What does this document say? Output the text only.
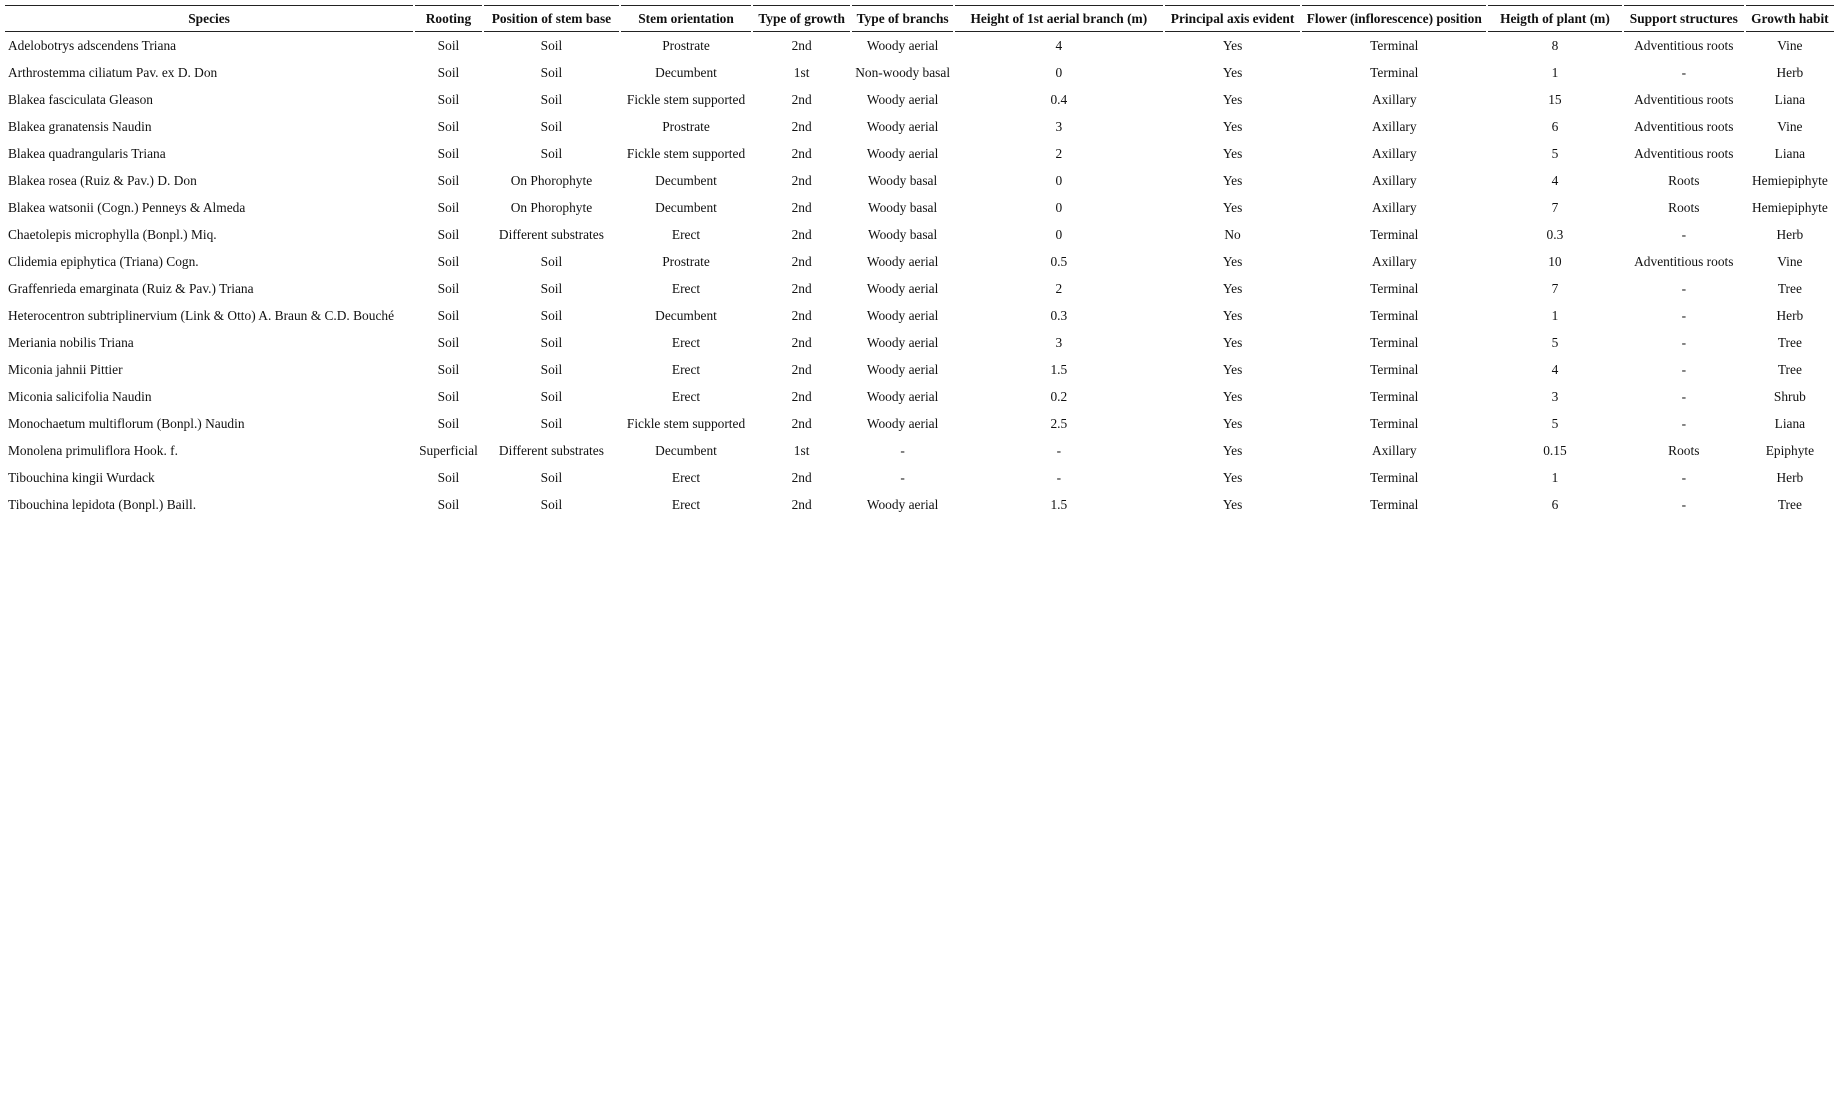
Species	Rooting	Position of stem base	Stem orientation	Type of growth	Type of branchs	Height of 1st aerial branch (m)	Principal axis evident	Flower (inflorescence) position	Heigth of plant (m)	Support structures	Growth habit
Adelobotrys adscendens Triana	Soil	Soil	Prostrate	2nd	Woody aerial	4	Yes	Terminal	8	Adventitious roots	Vine
Arthrostemma ciliatum Pav. ex D. Don	Soil	Soil	Decumbent	1st	Non-woody basal	0	Yes	Terminal	1	-	Herb
Blakea fasciculata Gleason	Soil	Soil	Fickle stem supported	2nd	Woody aerial	0.4	Yes	Axillary	15	Adventitious roots	Liana
Blakea granatensis Naudin	Soil	Soil	Prostrate	2nd	Woody aerial	3	Yes	Axillary	6	Adventitious roots	Vine
Blakea quadrangularis Triana	Soil	Soil	Fickle stem supported	2nd	Woody aerial	2	Yes	Axillary	5	Adventitious roots	Liana
Blakea rosea (Ruiz & Pav.) D. Don	Soil	On Phorophyte	Decumbent	2nd	Woody basal	0	Yes	Axillary	4	Roots	Hemiepiphyte
Blakea watsonii (Cogn.) Penneys & Almeda	Soil	On Phorophyte	Decumbent	2nd	Woody basal	0	Yes	Axillary	7	Roots	Hemiepiphyte
Chaetolepis microphylla (Bonpl.) Miq.	Soil	Different substrates	Erect	2nd	Woody basal	0	No	Terminal	0.3	-	Herb
Clidemia epiphytica (Triana) Cogn.	Soil	Soil	Prostrate	2nd	Woody aerial	0.5	Yes	Axillary	10	Adventitious roots	Vine
Graffenrieda emarginata (Ruiz & Pav.) Triana	Soil	Soil	Erect	2nd	Woody aerial	2	Yes	Terminal	7	-	Tree
Heterocentron subtriplinervium (Link & Otto) A. Braun & C.D. Bouché	Soil	Soil	Decumbent	2nd	Woody aerial	0.3	Yes	Terminal	1	-	Herb
Meriania nobilis Triana	Soil	Soil	Erect	2nd	Woody aerial	3	Yes	Terminal	5	-	Tree
Miconia jahnii Pittier	Soil	Soil	Erect	2nd	Woody aerial	1.5	Yes	Terminal	4	-	Tree
Miconia salicifolia Naudin	Soil	Soil	Erect	2nd	Woody aerial	0.2	Yes	Terminal	3	-	Shrub
Monochaetum multiflorum (Bonpl.) Naudin	Soil	Soil	Fickle stem supported	2nd	Woody aerial	2.5	Yes	Terminal	5	-	Liana
Monolena primuliflora Hook. f.	Superficial	Different substrates	Decumbent	1st	-	-	Yes	Axillary	0.15	Roots	Epiphyte
Tibouchina kingii Wurdack	Soil	Soil	Erect	2nd	-	-	Yes	Terminal	1	-	Herb
Tibouchina lepidota (Bonpl.) Baill.	Soil	Soil	Erect	2nd	Woody aerial	1.5	Yes	Terminal	6	-	Tree
